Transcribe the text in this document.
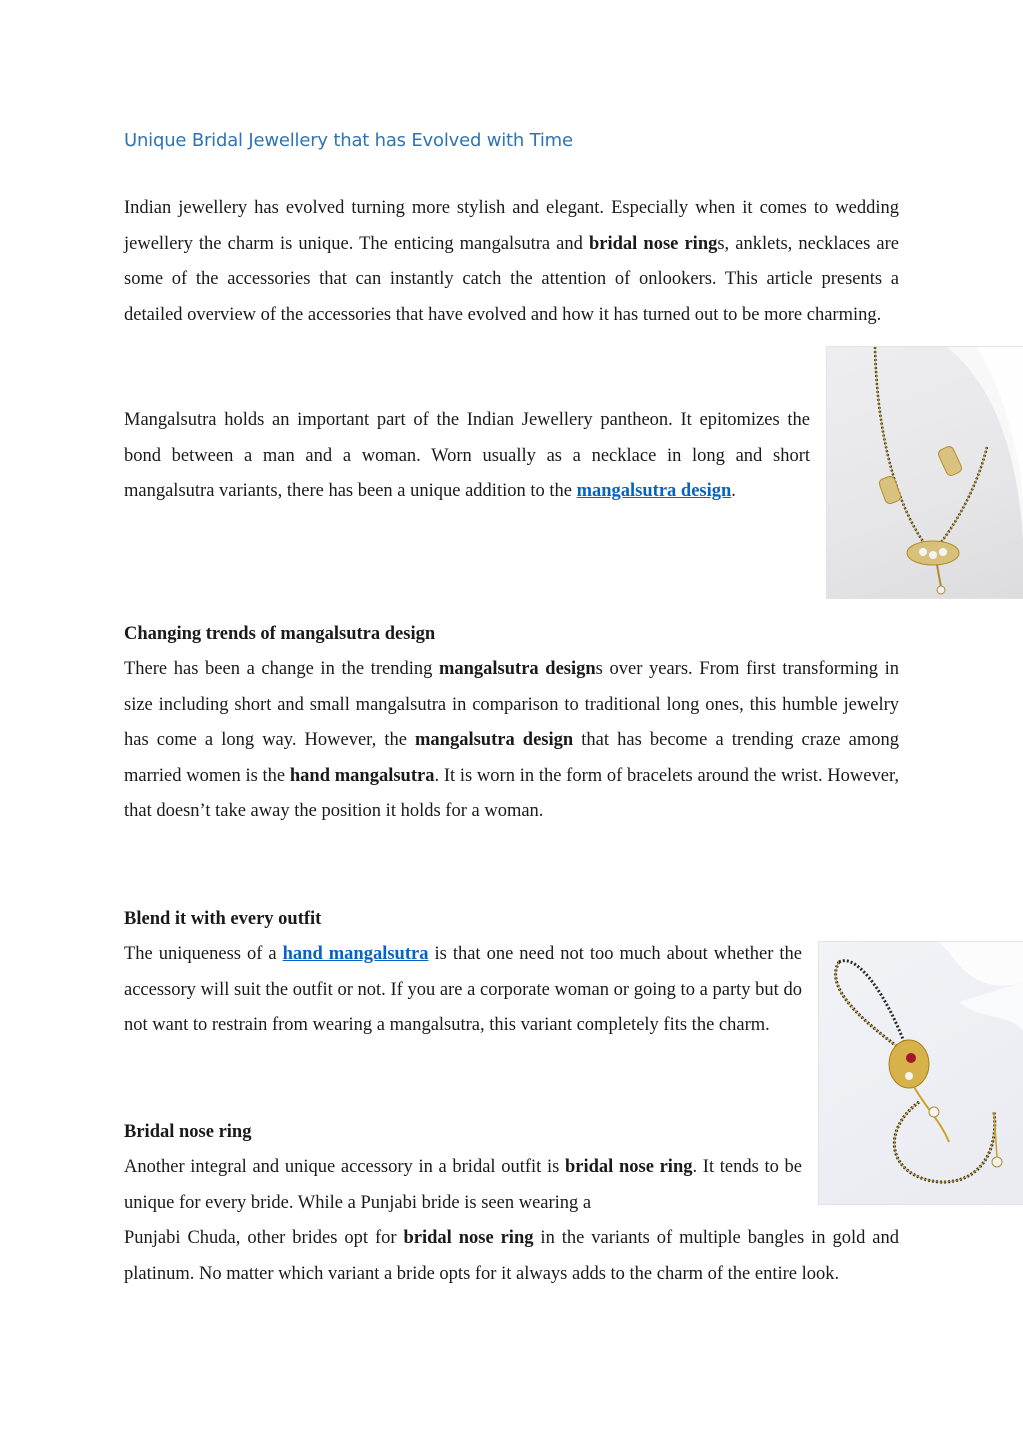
Unique Bridal Jewellery that has Evolved with Time
Indian jewellery has evolved turning more stylish and elegant. Especially when it comes to wedding jewellery the charm is unique. The enticing mangalsutra and bridal nose rings, anklets, necklaces are some of the accessories that can instantly catch the attention of onlookers. This article presents a detailed overview of the accessories that have evolved and how it has turned out to be more charming.
Mangalsutra holds an important part of the Indian Jewellery pantheon. It epitomizes the bond between a man and a woman. Worn usually as a necklace in long and short mangalsutra variants, there has been a unique addition to the mangalsutra design.
Changing trends of mangalsutra design
There has been a change in the trending mangalsutra designs over years. From first transforming in size including short and small mangalsutra in comparison to traditional long ones, this humble jewelry has come a long way. However, the mangalsutra design that has become a trending craze among married women is the hand mangalsutra. It is worn in the form of bracelets around the wrist. However, that doesn’t take away the position it holds for a woman.
Blend it with every outfit
The uniqueness of a hand mangalsutra is that one need not too much about whether the accessory will suit the outfit or not. If you are a corporate woman or going to a party but do not want to restrain from wearing a mangalsutra, this variant completely fits the charm.
Bridal nose ring
Another integral and unique accessory in a bridal outfit is bridal nose ring. It tends to be unique for every bride. While a Punjabi bride is seen wearing a
Punjabi Chuda, other brides opt for bridal nose ring in the variants of multiple bangles in gold and platinum. No matter which variant a bride opts for it always adds to the charm of the entire look.
